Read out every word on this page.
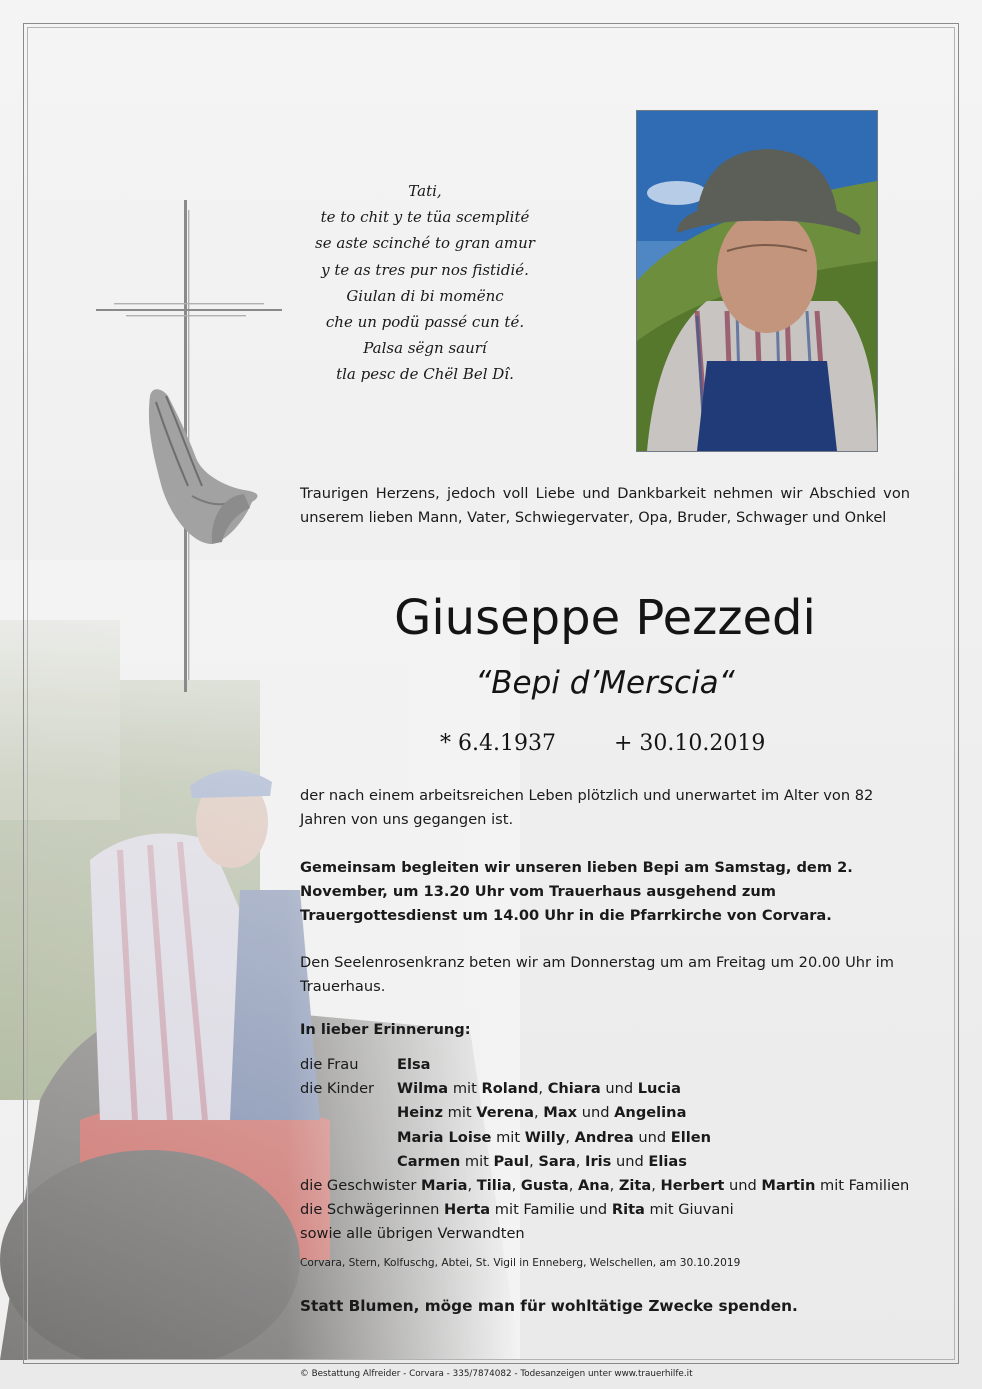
Tati,
te to chit y te tüa scemplité
se aste scinché to gran amur
y te as tres pur nos fistidié.
Giulan di bi momënc
che un podü passé cun té.
Palsa sëgn saurí
tla pesc de Chël Bel Dî.
Traurigen Herzens, jedoch voll Liebe und Dankbarkeit nehmen wir Abschied von unserem lieben Mann, Vater, Schwiegervater, Opa, Bruder, Schwager und Onkel
Giuseppe Pezzedi
“Bepi d’Merscia“
* 6.4.1937	+ 30.10.2019
der nach einem arbeitsreichen Leben plötzlich und unerwartet im Alter von 82 Jahren von uns gegangen ist.
Gemeinsam begleiten wir unseren lieben Bepi am Samstag, dem 2. November, um 13.20 Uhr vom Trauerhaus ausgehend zum Trauergottesdienst um 14.00 Uhr in die Pfarrkirche von Corvara.
Den Seelenrosenkranz beten wir am Donnerstag um am Freitag um 20.00 Uhr im Trauerhaus.
In lieber Erinnerung:
die Frau	Elsa
die Kinder Wilma mit Roland, Chiara und Lucia
Heinz mit Verena, Max und Angelina
Maria Loise mit Willy, Andrea und Ellen
Carmen mit Paul, Sara, Iris und Elias
die Geschwister Maria, Tilia, Gusta, Ana, Zita, Herbert und Martin mit Familien
die Schwägerinnen Herta mit Familie und Rita mit Giuvani
sowie alle übrigen Verwandten
Corvara, Stern, Kolfuschg, Abtei, St. Vigil in Enneberg, Welschellen, am 30.10.2019
Statt Blumen, möge man für wohltätige Zwecke spenden.
© Bestattung Alfreider - Corvara - 335/7874082 - Todesanzeigen unter www.trauerhilfe.it
